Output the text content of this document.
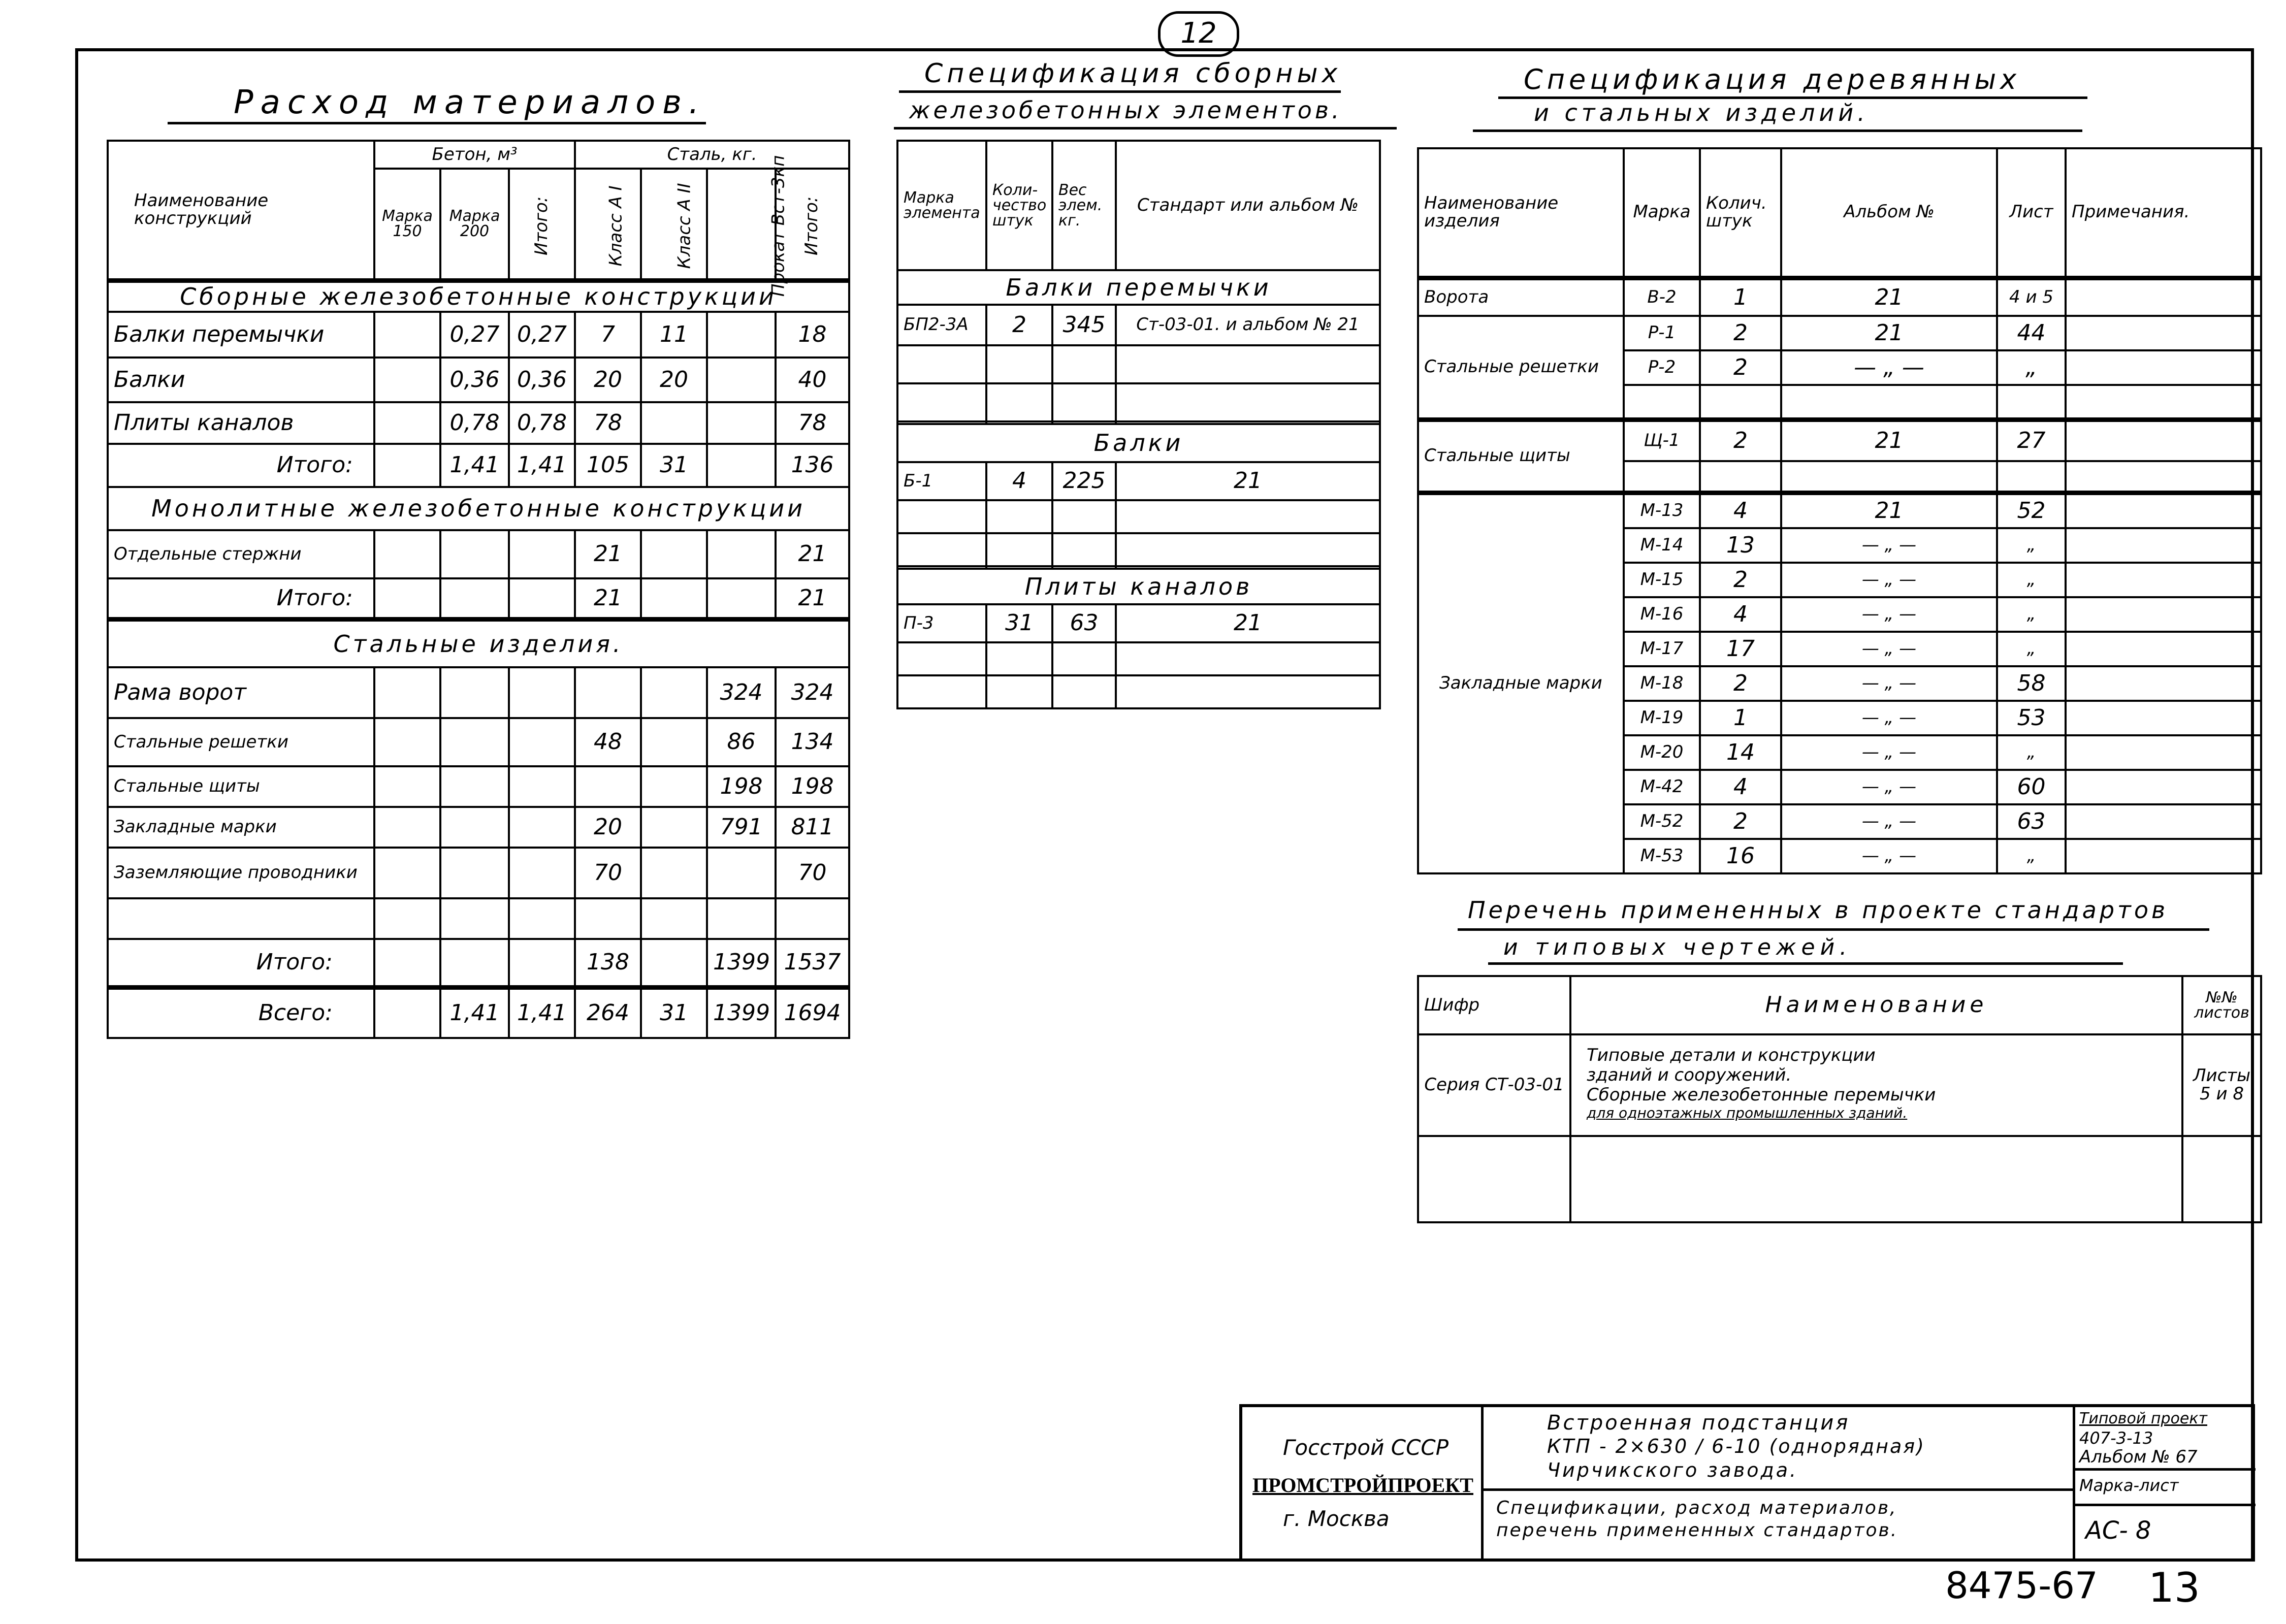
12
Расход материалов.
Наименование конструкций	Бетон, м³			Сталь, кг.			
	Марка 150	Марка 200	Итого:	Класс A I	Класс A II	Прокат Вст-3кп	Итого:
Сборные железобетонные конструкции							
Балки перемычки		0,27	0,27	7	11		18
Балки		0,36	0,36	20	20		40
Плиты каналов		0,78	0,78	78			78
Итого:		1,41	1,41	105	31		136
Монолитные железобетонные конструкции							
Отдельные стержни				21			21
Итого:				21			21
Стальные изделия.							
Рама ворот						324	324
Стальные решетки				48		86	134
Стальные щиты						198	198
Закладные марки				20		791	811
Заземляющие проводники				70			70

Итого:				138		1399	1537
Всего:		1,41	1,41	264	31	1399	1694
Спецификация сборных
железобетонных элементов.
Марка элемента	Коли-чество штук	Вес элем. кг.	Стандарт или альбом №
Балки перемычки			
БП2-3А	2	345	Ст-03-01. и альбом № 21

Балки			
Б-1	4	225	21

Плиты каналов			
П-3	31	63	21

Спецификация деревянных
и стальных изделий.
Наименование изделия	Марка	Колич. штук	Альбом №	Лист	Примечания.
Ворота	В-2	1	21	4 и 5	
Стальные решетки	Р-1	2	21	44	
	Р-2	2	— „ —	„	

Стальные щиты	Щ-1	2	21	27	

Закладные марки	М-13	4	21	52	
	М-14	13	— „ —	„	
	М-15	2	— „ —	„	
	М-16	4	— „ —	„	
	М-17	17	— „ —	„	
	М-18	2	— „ —	58	
	М-19	1	— „ —	53	
	М-20	14	— „ —	„	
	М-42	4	— „ —	60	
	М-52	2	— „ —	63	
	М-53	16	— „ —	„	
Перечень примененных в проекте стандартов
и типовых чертежей.
Шифр	Наименование	№№ листов
Серия СТ-03-01	Типовые детали и конструкции
зданий и сооружений.
Сборные железобетонные перемычки
для одноэтажных промышленных зданий.	Листы 5 и 8

Госстрой СССР
ПРОМСТРОЙПРОЕКТ
г. Москва
Встроенная подстанция
КТП - 2×630 / 6-10 (однорядная)
Чирчикского завода.
Спецификации, расход материалов,
перечень примененных стандартов.
Типовой проект
407-3-13
Альбом № 67
Марка-лист
АС- 8
8475-67 13
